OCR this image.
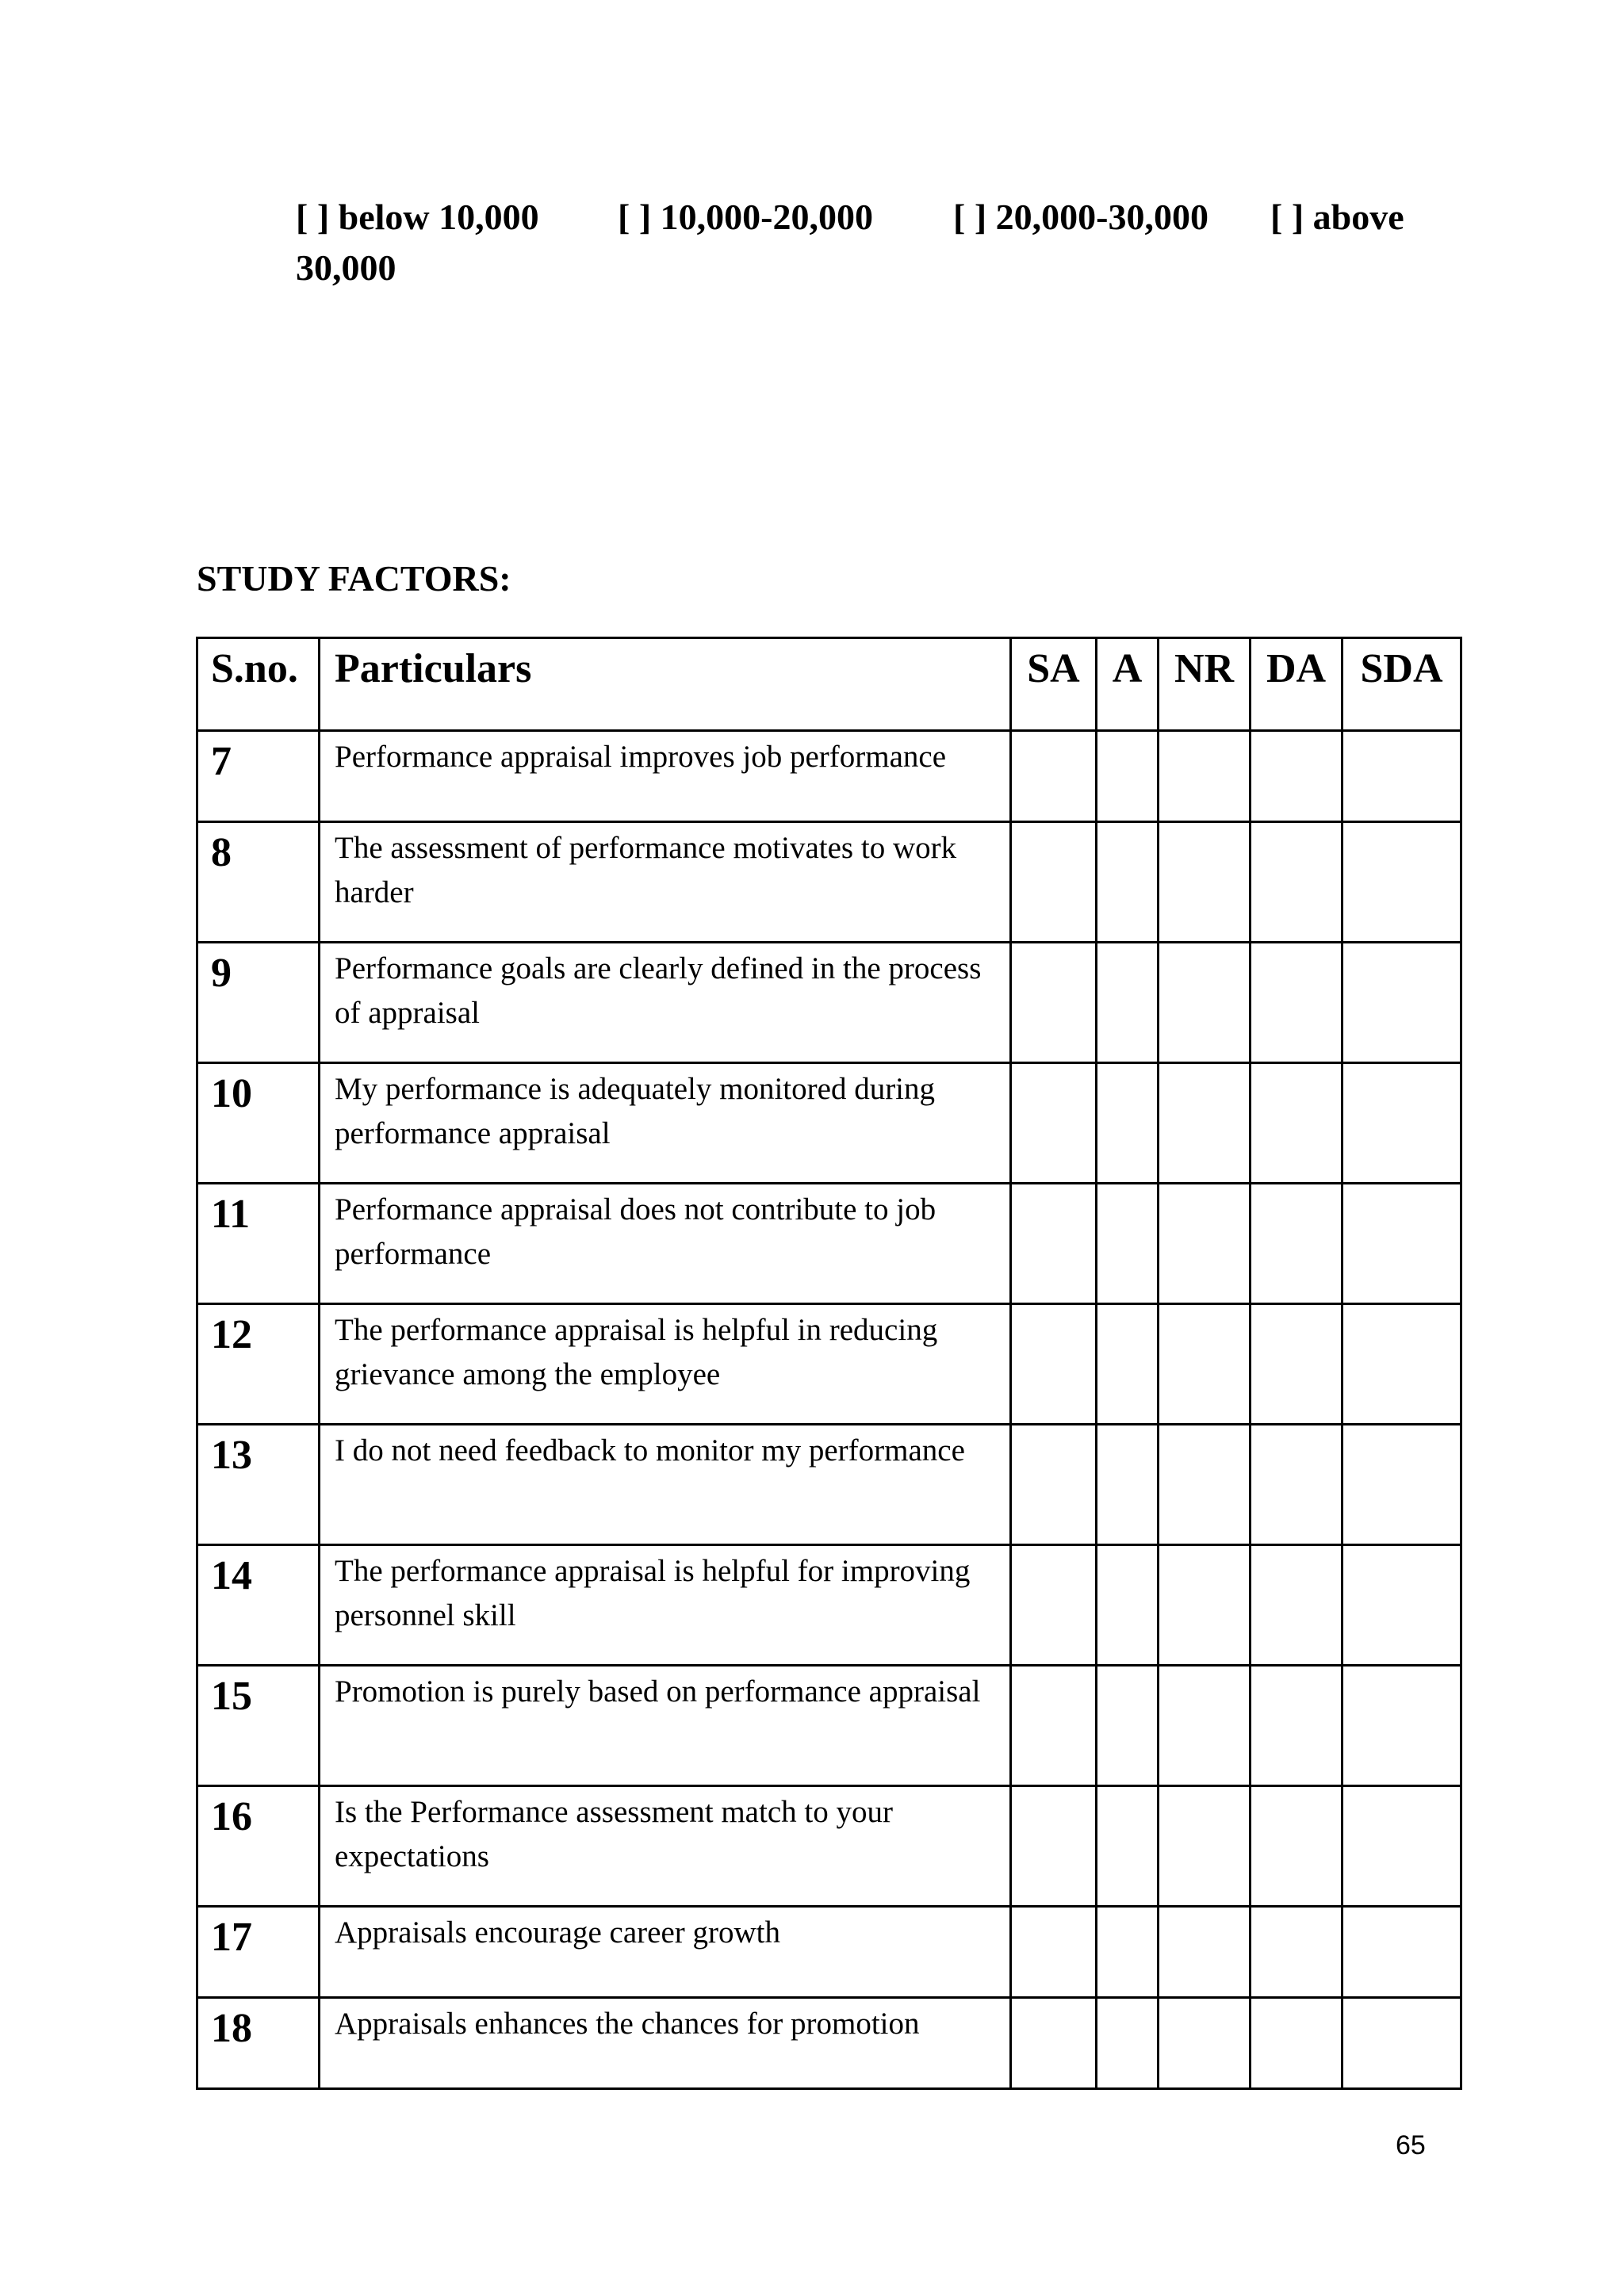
[ ] below 10,000 [ ] 10,000-20,000 [ ] 20,000-30,000 [ ] above
30,000
STUDY FACTORS:
S.no.	Particulars	SA	A	NR	DA	SDA
7	Performance appraisal improves job performance					
8	The assessment of performance motivates to work harder					
9	Performance goals are clearly defined in the process of appraisal					
10	My performance is adequately monitored during performance appraisal					
11	Performance appraisal does not contribute to job performance					
12	The performance appraisal is helpful in reducing grievance among the employee					
13	I do not need feedback to monitor my performance					
14	The performance appraisal is helpful for improving personnel skill					
15	Promotion is purely based on performance appraisal					
16	Is the Performance assessment match to your expectations					
17	Appraisals encourage career growth					
18	Appraisals enhances the chances for promotion					
65
